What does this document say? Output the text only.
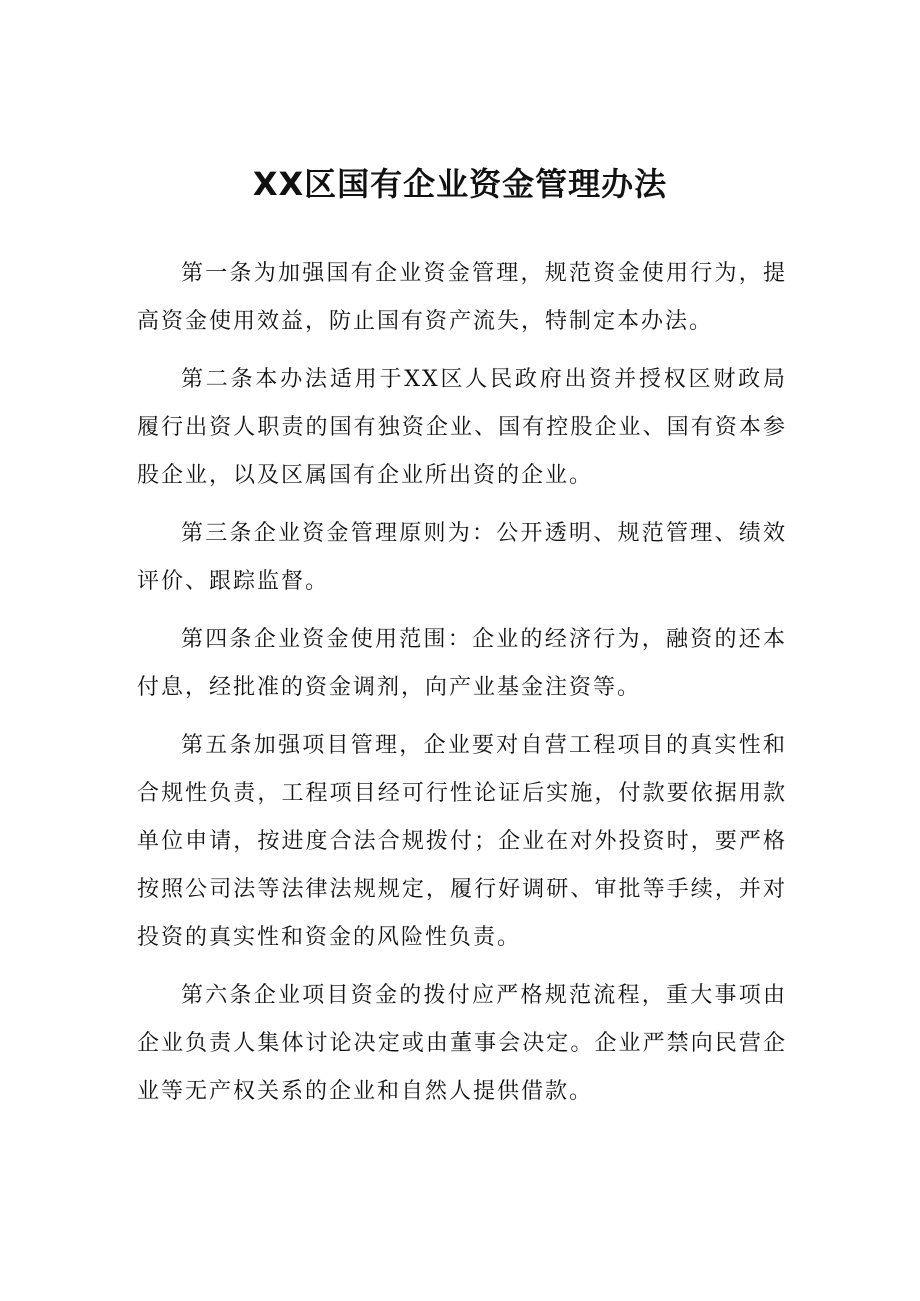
XX区国有企业资金管理办法

第一条为加强国有企业资金管理，规范资金使用行为，提高资金使用效益，防止国有资产流失，特制定本办法。

第二条本办法适用于XX区人民政府出资并授权区财政局履行出资人职责的国有独资企业、国有控股企业、国有资本参股企业，以及区属国有企业所出资的企业。

第三条企业资金管理原则为：公开透明、规范管理、绩效评价、跟踪监督。

第四条企业资金使用范围：企业的经济行为，融资的还本付息，经批准的资金调剂，向产业基金注资等。

第五条加强项目管理，企业要对自营工程项目的真实性和合规性负责，工程项目经可行性论证后实施，付款要依据用款单位申请，按进度合法合规拨付；企业在对外投资时，要严格按照公司法等法律法规规定，履行好调研、审批等手续，并对投资的真实性和资金的风险性负责。

第六条企业项目资金的拨付应严格规范流程，重大事项由企业负责人集体讨论决定或由董事会决定。企业严禁向民营企业等无产权关系的企业和自然人提供借款。
